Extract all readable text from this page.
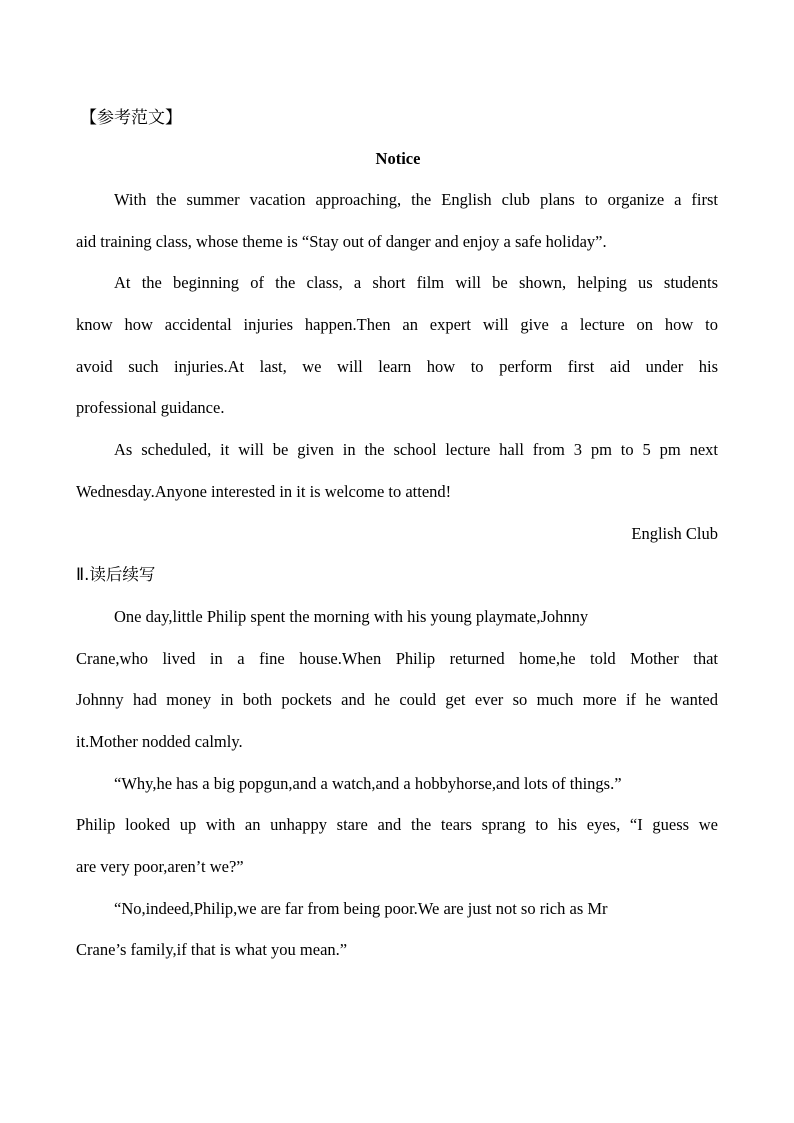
【参考范文】
Notice
With the summer vacation approaching, the English club plans to organize a first
aid training class, whose theme is “Stay out of danger and enjoy a safe holiday”.
At the beginning of the class, a short film will be shown, helping us students
know how accidental injuries happen.Then an expert will give a lecture on how to
avoid such injuries.At last, we will learn how to perform first aid under his
professional guidance.
As scheduled, it will be given in the school lecture hall from 3 pm to 5 pm next
Wednesday.Anyone interested in it is welcome to attend!
English Club
Ⅱ.读后续写
One day,little Philip spent the morning with his young playmate,Johnny
Crane,who lived in a fine house.When Philip returned home,he told Mother that
Johnny had money in both pockets and he could get ever so much more if he wanted
it.Mother nodded calmly.
“Why,he has a big popgun,and a watch,and a hobbyhorse,and lots of things.”
Philip looked up with an unhappy stare and the tears sprang to his eyes, “I guess we
are very poor,aren’t we?”
“No,indeed,Philip,we are far from being poor.We are just not so rich as Mr
Crane’s family,if that is what you mean.”
